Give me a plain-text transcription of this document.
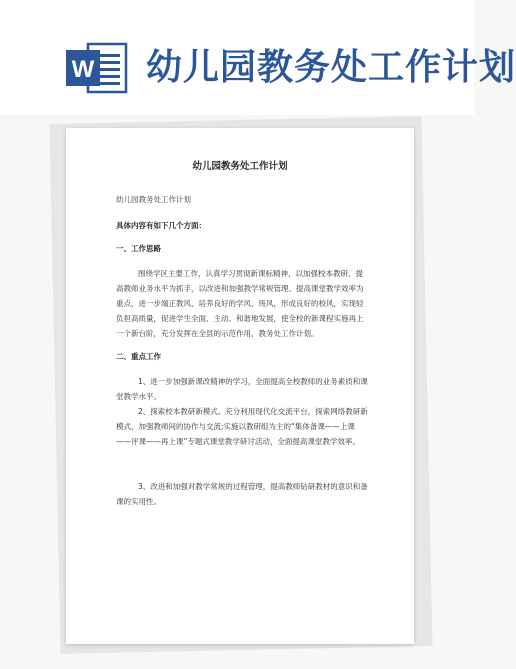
W 幼儿园教务处工作计划
幼儿园教务处工作计划
幼儿园教务处工作计划
具体内容有如下几个方面：
一、工作思路
围绕学区主要工作，认真学习贯彻新课标精神，以加强校本教研、提高教师业务水平为抓手，以改进和加强教学常规管理、提高课堂教学效率为重点，进一步端正教风、培养良好的学风、班风，形成良好的校风，实现轻负担高质量，促进学生全面、主动、和谐地发展，使全校的新课程实施再上一个新台阶，充分发挥在全县的示范作用，教务处工作计划。
二、重点工作
1、进一步加强新课改精神的学习，全面提高全校教师的业务素质和课堂教学水平。
2、探索校本教研新模式。充分利用现代化交流平台，探索网络教研新模式，加强教师间的协作与交流;实施以教研组为主的“集体备课——上课——评课——再上课”专题式课堂教学研讨活动，全面提高课堂教学效率。
3、改进和加强对教学常规的过程管理，提高教师钻研教材的意识和备课的实用性。
